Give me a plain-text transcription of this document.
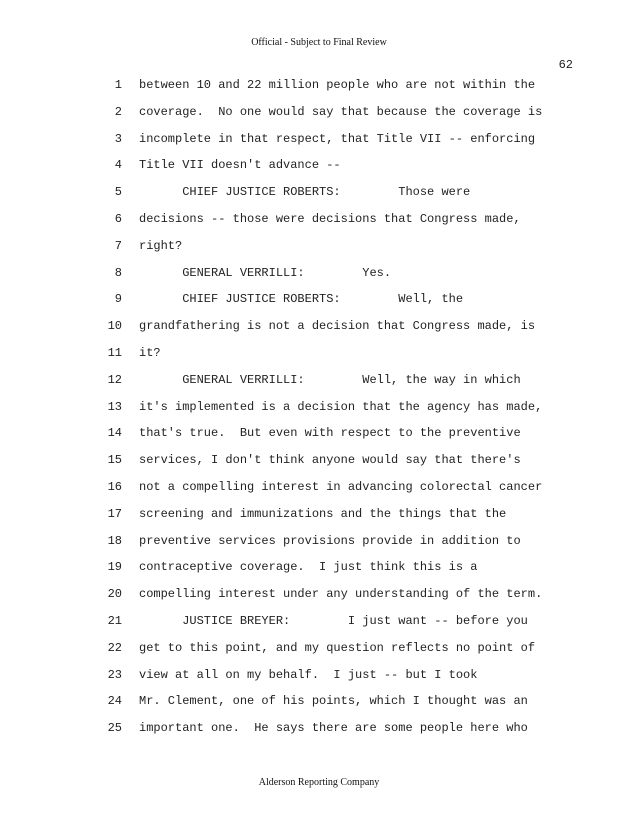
Official - Subject to Final Review
62
1 between 10 and 22 million people who are not within the
2 coverage.  No one would say that because the coverage is
3 incomplete in that respect, that Title VII -- enforcing
4 Title VII doesn't advance --
5 CHIEF JUSTICE ROBERTS:        Those were
6 decisions -- those were decisions that Congress made,
7 right?
8 GENERAL VERRILLI:        Yes.
9 CHIEF JUSTICE ROBERTS:        Well, the
10 grandfathering is not a decision that Congress made, is
11 it?
12 GENERAL VERRILLI:        Well, the way in which
13 it's implemented is a decision that the agency has made,
14 that's true.  But even with respect to the preventive
15 services, I don't think anyone would say that there's
16 not a compelling interest in advancing colorectal cancer
17 screening and immunizations and the things that the
18 preventive services provisions provide in addition to
19 contraceptive coverage.  I just think this is a
20 compelling interest under any understanding of the term.
21 JUSTICE BREYER:        I just want -- before you
22 get to this point, and my question reflects no point of
23 view at all on my behalf.  I just -- but I took
24 Mr. Clement, one of his points, which I thought was an
25 important one.  He says there are some people here who
Alderson Reporting Company
